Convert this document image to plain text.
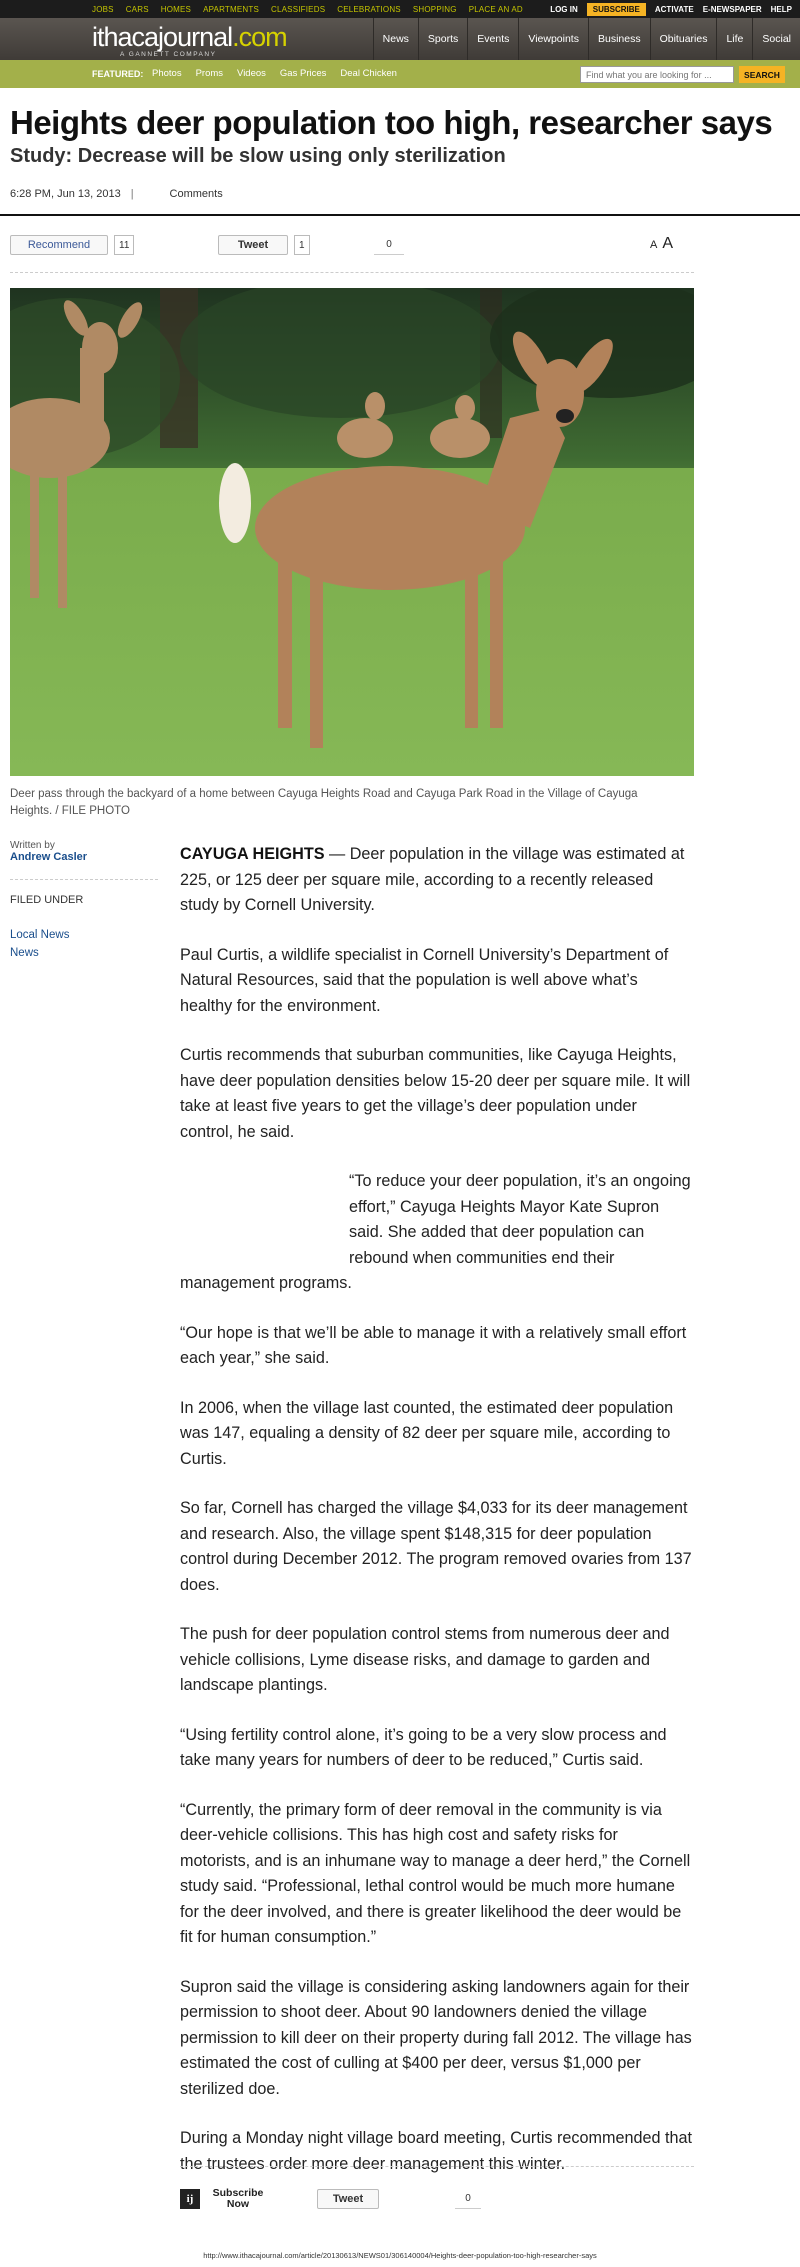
JOBS CARS HOMES APARTMENTS CLASSIFIEDS CELEBRATIONS SHOPPING PLACE AN AD	LOG IN	SUBSCRIBE	ACTIVATE E-NEWSPAPER HELP
ithacajournal.com
A GANNETT COMPANY
News	Sports	Events	Viewpoints	Business	Obituaries	Life	Social
FEATURED: Photos Proms Videos Gas Prices Deal Chicken
Find what you are looking for ...	SEARCH
Heights deer population too high, researcher says
Study: Decrease will be slow using only sterilization
6:28 PM, Jun 13, 2013 |	Comments
Recommend	11	Tweet	1	0	A A
Deer pass through the backyard of a home between Cayuga Heights Road and Cayuga Park Road in the Village of Cayuga Heights. / FILE PHOTO
Written by
Andrew Casler
FILED UNDER
Local News
News

CAYUGA HEIGHTS — Deer population in the village was estimated at 225, or 125 deer per square mile, according to a recently released study by Cornell University.

Paul Curtis, a wildlife specialist in Cornell University’s Department of Natural Resources, said that the population is well above what’s healthy for the environment.

Curtis recommends that suburban communities, like Cayuga Heights, have deer population densities below 15-20 deer per square mile. It will take at least five years to get the village’s deer population under control, he said.

“To reduce your deer population, it’s an ongoing effort,” Cayuga Heights Mayor Kate Supron said. She added that deer population can rebound when communities end their
management programs.

“Our hope is that we’ll be able to manage it with a relatively small effort each year,” she said.

In 2006, when the village last counted, the estimated deer population was 147, equaling a density of 82 deer per square mile, according to Curtis.

So far, Cornell has charged the village $4,033 for its deer management and research. Also, the village spent $148,315 for deer population control during December 2012. The program removed ovaries from 137 does.

The push for deer population control stems from numerous deer and vehicle collisions, Lyme disease risks, and damage to garden and landscape plantings.

“Using fertility control alone, it’s going to be a very slow process and take many years for numbers of deer to be reduced,” Curtis said.

“Currently, the primary form of deer removal in the community is via deer-vehicle collisions. This has high cost and safety risks for motorists, and is an inhumane way to manage a deer herd,” the Cornell study said. “Professional, lethal control would be much more humane for the deer involved, and there is greater likelihood the deer would be fit for human consumption.”

Supron said the village is considering asking landowners again for their permission to shoot deer. About 90 landowners denied the village permission to kill deer on their property during fall 2012. The village has estimated the cost of culling at $400 per deer, versus $1,000 per sterilized doe.

During a Monday night village board meeting, Curtis recommended that the trustees order more deer management this winter.

ij	Subscribe
Now	Tweet	0
http://www.ithacajournal.com/article/20130613/NEWS01/306140004/Heights-deer-population-too-high-researcher-says
